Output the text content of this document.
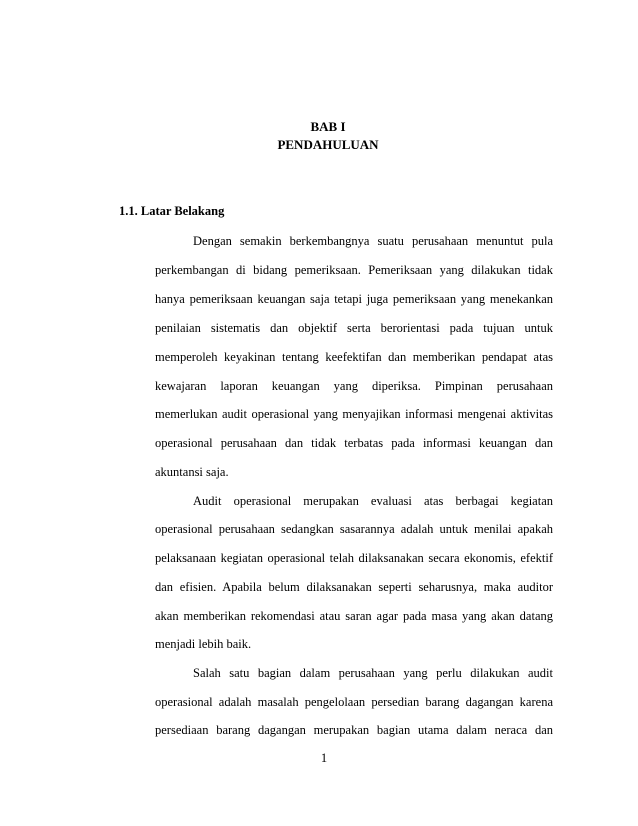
BAB I
PENDAHULUAN
1.1. Latar Belakang
Dengan semakin berkembangnya suatu perusahaan menuntut pula
perkembangan di bidang pemeriksaan. Pemeriksaan yang dilakukan tidak
hanya pemeriksaan keuangan saja tetapi juga pemeriksaan yang menekankan
penilaian sistematis dan objektif serta berorientasi pada tujuan untuk
memperoleh keyakinan tentang keefektifan dan memberikan pendapat atas
kewajaran laporan keuangan yang diperiksa. Pimpinan perusahaan
memerlukan audit operasional yang menyajikan informasi mengenai aktivitas
operasional perusahaan dan tidak terbatas pada informasi keuangan dan
akuntansi saja.
Audit operasional merupakan evaluasi atas berbagai kegiatan
operasional perusahaan sedangkan sasarannya adalah untuk menilai apakah
pelaksanaan kegiatan operasional telah dilaksanakan secara ekonomis, efektif
dan efisien. Apabila belum dilaksanakan seperti seharusnya, maka auditor
akan memberikan rekomendasi atau saran agar pada masa yang akan datang
menjadi lebih baik.
Salah satu bagian dalam perusahaan yang perlu dilakukan audit
operasional adalah masalah pengelolaan persedian barang dagangan karena
persediaan barang dagangan merupakan bagian utama dalam neraca dan
1
